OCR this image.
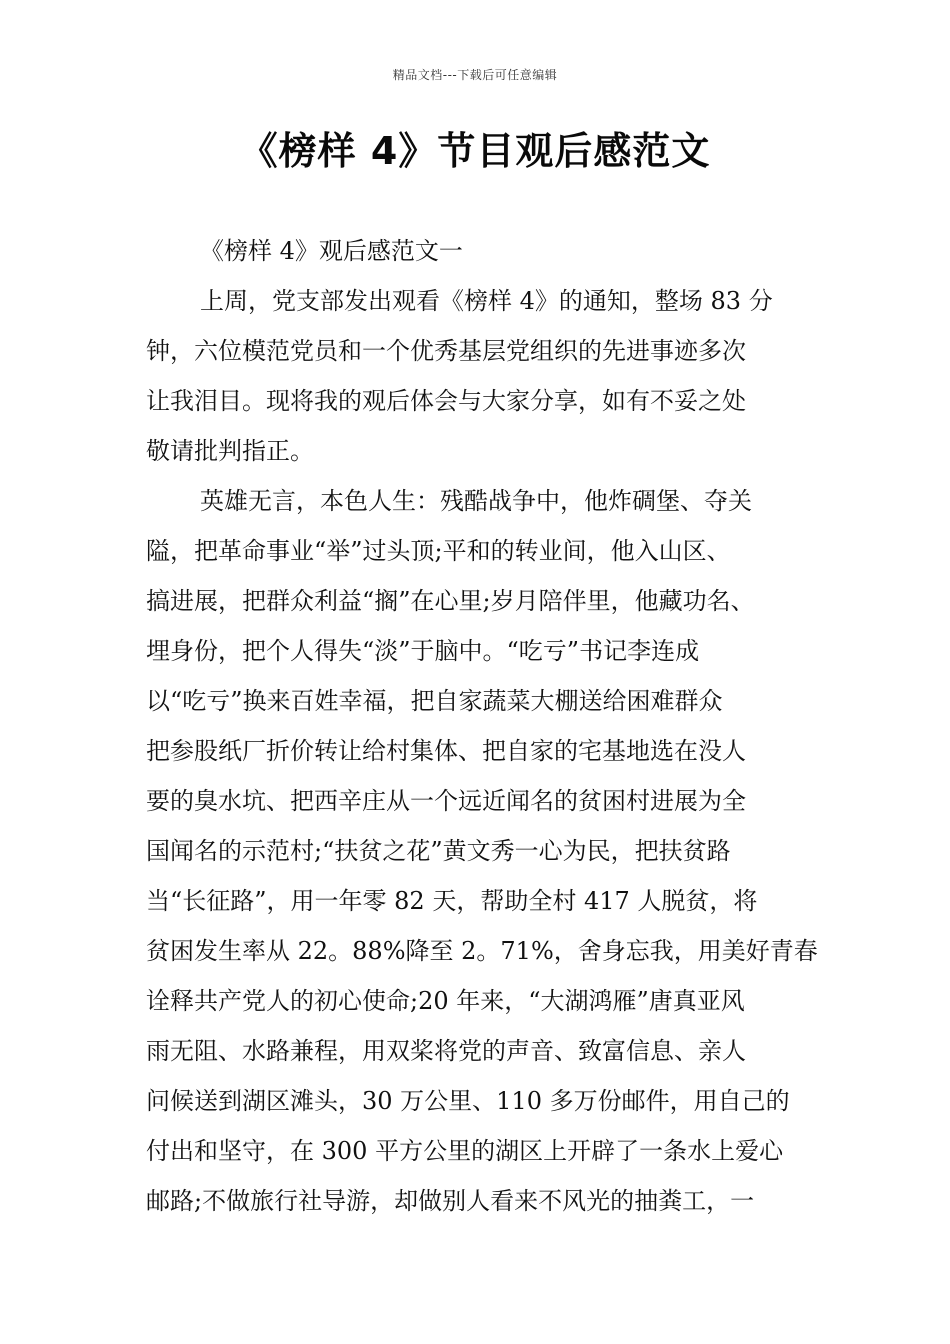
精品文档---下载后可任意编辑
《榜样 4》节目观后感范文

《榜样 4》观后感范文一

上周，党支部发出观看《榜样 4》的通知，整场 83 分
钟，六位模范党员和一个优秀基层党组织的先进事迹多次
让我泪目。现将我的观后体会与大家分享，如有不妥之处
敬请批判指正。

英雄无言，本色人生：残酷战争中，他炸碉堡、夺关
隘，把革命事业“举”过头顶;平和的转业间，他入山区、
搞进展，把群众利益“搁”在心里;岁月陪伴里，他藏功名、
埋身份，把个人得失“淡”于脑中。“吃亏”书记李连成
以“吃亏”换来百姓幸福，把自家蔬菜大棚送给困难群众
把参股纸厂折价转让给村集体、把自家的宅基地选在没人
要的臭水坑、把西辛庄从一个远近闻名的贫困村进展为全
国闻名的示范村;“扶贫之花”黄文秀一心为民，把扶贫路
当“长征路”，用一年零 82 天，帮助全村 417 人脱贫，将
贫困发生率从 22。88%降至 2。71%，舍身忘我，用美好青春
诠释共产党人的初心使命;20 年来，“大湖鸿雁”唐真亚风
雨无阻、水路兼程，用双桨将党的声音、致富信息、亲人
问候送到湖区滩头，30 万公里、110 多万份邮件，用自己的
付出和坚守，在 300 平方公里的湖区上开辟了一条水上爱心
邮路;不做旅行社导游，却做别人看来不风光的抽粪工，一
